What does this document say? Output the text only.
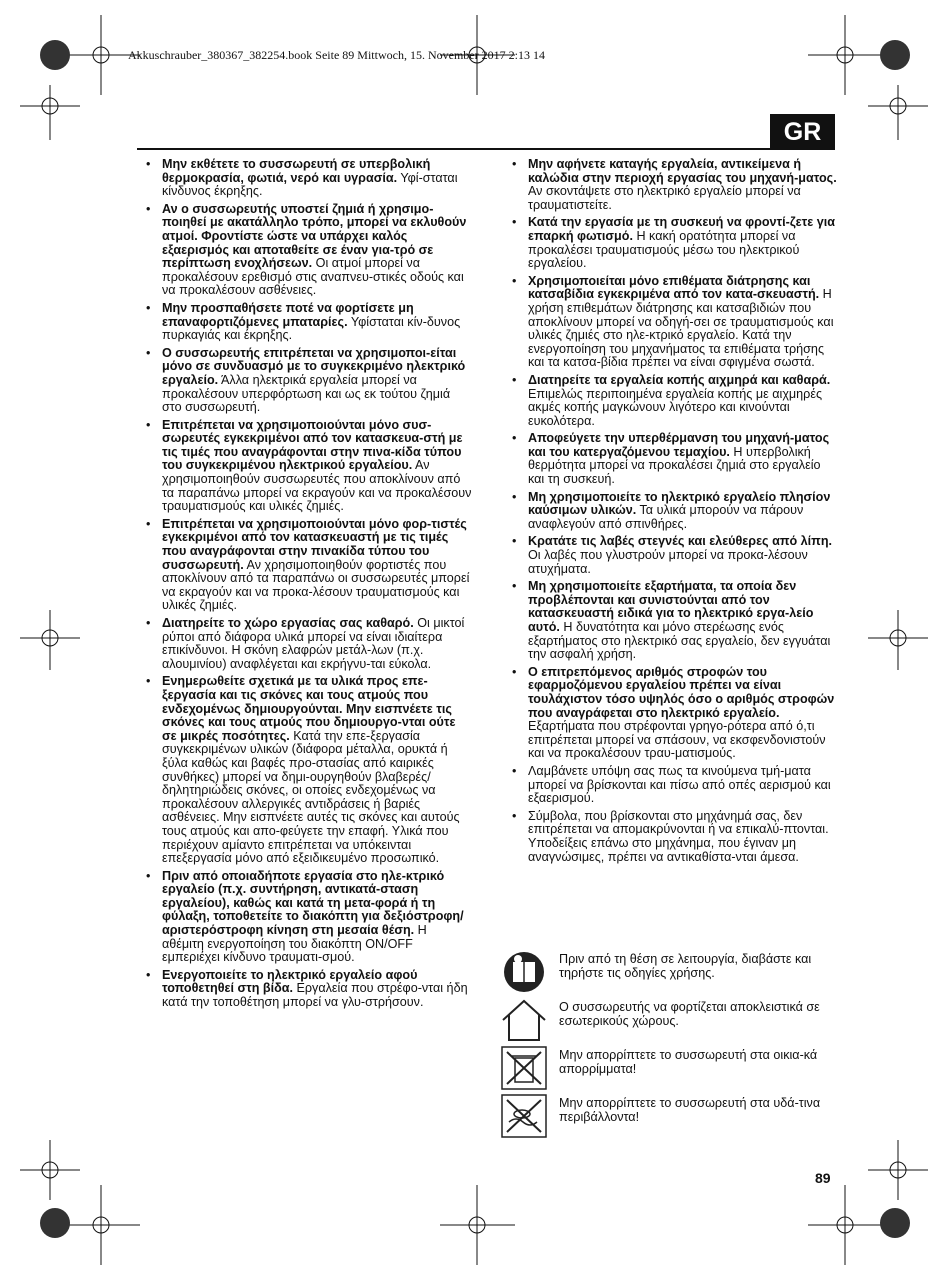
Akkuschrauber_380367_382254.book Seite 89 Mittwoch, 15. November 2017 2:13 14
GR
• Μην εκθέτετε το συσσωρευτή σε υπερβολική θερμοκρασία, φωτιά, νερό και υγρασία. Υφί-σταται κίνδυνος έκρηξης.
• Αν ο συσσωρευτής υποστεί ζημιά ή χρησιμο-ποιηθεί με ακατάλληλο τρόπο, μπορεί να εκλυθούν ατμοί. Φροντίστε ώστε να υπάρχει καλός εξαερισμός και αποταθείτε σε έναν για-τρό σε περίπτωση ενοχλήσεων. Οι ατμοί μπορεί να προκαλέσουν ερεθισμό στις αναπνευ-στικές οδούς και να προκαλέσουν ασθένειες.
• Μην προσπαθήσετε ποτέ να φορτίσετε μη επαναφορτιζόμενες μπαταρίες. Υφίσταται κίν-δυνος πυρκαγιάς και έκρηξης.
• Ο συσσωρευτής επιτρέπεται να χρησιμοποι-είται μόνο σε συνδυασμό με το συγκεκριμένο ηλεκτρικό εργαλείο. Άλλα ηλεκτρικά εργαλεία μπορεί να προκαλέσουν υπερφόρτωση και ως εκ τούτου ζημιά στο συσσωρευτή.
• Επιτρέπεται να χρησιμοποιούνται μόνο συσ-σωρευτές εγκεκριμένοι από τον κατασκευα-στή με τις τιμές που αναγράφονται στην πινα-κίδα τύπου του συγκεκριμένου ηλεκτρικού εργαλείου. Αν χρησιμοποιηθούν συσσωρευτές που αποκλίνουν από τα παραπάνω μπορεί να εκραγούν και να προκαλέσουν τραυματισμούς και υλικές ζημιές.
• Επιτρέπεται να χρησιμοποιούνται μόνο φορ-τιστές εγκεκριμένοι από τον κατασκευαστή με τις τιμές που αναγράφονται στην πινακίδα τύπου του συσσωρευτή. Αν χρησιμοποιηθούν φορτιστές που αποκλίνουν από τα παραπάνω οι συσσωρευτές μπορεί να εκραγούν και να προκα-λέσουν τραυματισμούς και υλικές ζημιές.
• Διατηρείτε το χώρο εργασίας σας καθαρό. Οι μικτοί ρύποι από διάφορα υλικά μπορεί να είναι ιδιαίτερα επικίνδυνοι. Η σκόνη ελαφρών μετάλ-λων (π.χ. αλουμινίου) αναφλέγεται και εκρήγνυ-ται εύκολα.
• Ενημερωθείτε σχετικά με τα υλικά προς επε-ξεργασία και τις σκόνες και τους ατμούς που ενδεχομένως δημιουργούνται. Μην εισπνέετε τις σκόνες και τους ατμούς που δημιουργο-νται ούτε σε μικρές ποσότητες. Κατά την επε-ξεργασία συγκεκριμένων υλικών (διάφορα μέταλλα, ορυκτά ή ξύλα καθώς και βαφές προ-στασίας από καιρικές συνθήκες) μπορεί να δημι-ουργηθούν βλαβερές/δηλητηριώδεις σκόνες, οι οποίες ενδεχομένως να προκαλέσουν αλλεργικές αντιδράσεις ή βαριές ασθένειες. Μην εισπνέετε αυτές τις σκόνες και αυτούς τους ατμούς και απο-φεύγετε την επαφή. Υλικά που περιέχουν αμίαντο επιτρέπεται να υπόκεινται επεξεργασία μόνο από εξειδικευμένο προσωπικό.
• Πριν από οποιαδήποτε εργασία στο ηλε-κτρικό εργαλείο (π.χ. συντήρηση, αντικατά-σταση εργαλείου), καθώς και κατά τη μετα-φορά ή τη φύλαξη, τοποθετείτε το διακόπτη για δεξιόστροφη/αριστερόστροφη κίνηση στη μεσαία θέση. Η αθέμιτη ενεργοποίηση του διακόπτη ON/OFF εμπεριέχει κίνδυνο τραυματι-σμού.
• Ενεργοποιείτε το ηλεκτρικό εργαλείο αφού τοποθετηθεί στη βίδα. Εργαλεία που στρέφο-νται ήδη κατά την τοποθέτηση μπορεί να γλυ-στρήσουν.
• Μην αφήνετε καταγής εργαλεία, αντικείμενα ή καλώδια στην περιοχή εργασίας του μηχανή-ματος. Αν σκοντάψετε στο ηλεκτρικό εργαλείο μπορεί να τραυματιστείτε.
• Κατά την εργασία με τη συσκευή να φροντί-ζετε για επαρκή φωτισμό. Η κακή ορατότητα μπορεί να προκαλέσει τραυματισμούς μέσω του ηλεκτρικού εργαλείου.
• Χρησιμοποιείται μόνο επιθέματα διάτρησης και κατσαβίδια εγκεκριμένα από τον κατα-σκευαστή. Η χρήση επιθεμάτων διάτρησης και κατσαβιδιών που αποκλίνουν μπορεί να οδηγή-σει σε τραυματισμούς και υλικές ζημιές στο ηλε-κτρικό εργαλείο. Κατά την ενεργοποίηση του μηχανήματος τα επιθέματα τρήσης και τα κατσα-βίδια πρέπει να είναι σφιγμένα σωστά.
• Διατηρείτε τα εργαλεία κοπής αιχμηρά και καθαρά. Επιμελώς περιποιημένα εργαλεία κοπής με αιχμηρές ακμές κοπής μαγκώνουν λιγότερο και κινούνται ευκολότερα.
• Αποφεύγετε την υπερθέρμανση του μηχανή-ματος και του κατεργαζόμενου τεμαχίου. Η υπερβολική θερμότητα μπορεί να προκαλέσει ζημιά στο εργαλείο και τη συσκευή.
• Μη χρησιμοποιείτε το ηλεκτρικό εργαλείο πλησίον καύσιμων υλικών. Τα υλικά μπορούν να πάρουν αναφλεγούν από σπινθήρες.
• Κρατάτε τις λαβές στεγνές και ελεύθερες από λίπη. Οι λαβές που γλυστρούν μπορεί να προκα-λέσουν ατυχήματα.
• Μη χρησιμοποιείτε εξαρτήματα, τα οποία δεν προβλέπονται και συνιστούνται από τον κατασκευαστή ειδικά για το ηλεκτρικό εργα-λείο αυτό. Η δυνατότητα και μόνο στερέωσης ενός εξαρτήματος στο ηλεκτρικό σας εργαλείο, δεν εγγυάται την ασφαλή χρήση.
• Ο επιτρεπόμενος αριθμός στροφών του εφαρμοζόμενου εργαλείου πρέπει να είναι τουλάχιστον τόσο υψηλός όσο ο αριθμός στροφών που αναγράφεται στο ηλεκτρικό εργαλείο. Εξαρτήματα που στρέφονται γρηγο-ρότερα από ό,τι επιτρέπεται μπορεί να σπάσουν, να εκσφενδονιστούν και να προκαλέσουν τραυ-ματισμούς.
• Λαμβάνετε υπόψη σας πως τα κινούμενα τμή-ματα μπορεί να βρίσκονται και πίσω από οπές αερισμού και εξαερισμού.
• Σύμβολα, που βρίσκονται στο μηχάνημά σας, δεν επιτρέπεται να απομακρύνονται ή να επικαλύ-πτονται. Υποδείξεις επάνω στο μηχάνημα, που έγιναν μη αναγνώσιμες, πρέπει να αντικαθίστα-νται άμεσα.
Πριν από τη θέση σε λειτουργία, διαβάστε και τηρήστε τις οδηγίες χρήσης.
Ο συσσωρευτής να φορτίζεται αποκλειστικά σε εσωτερικούς χώρους.
Μην απορρίπτετε το συσσωρευτή στα οικια-κά απορρίμματα!
Μην απορρίπτετε το συσσωρευτή στα υδά-τινα περιβάλλοντα!
89
